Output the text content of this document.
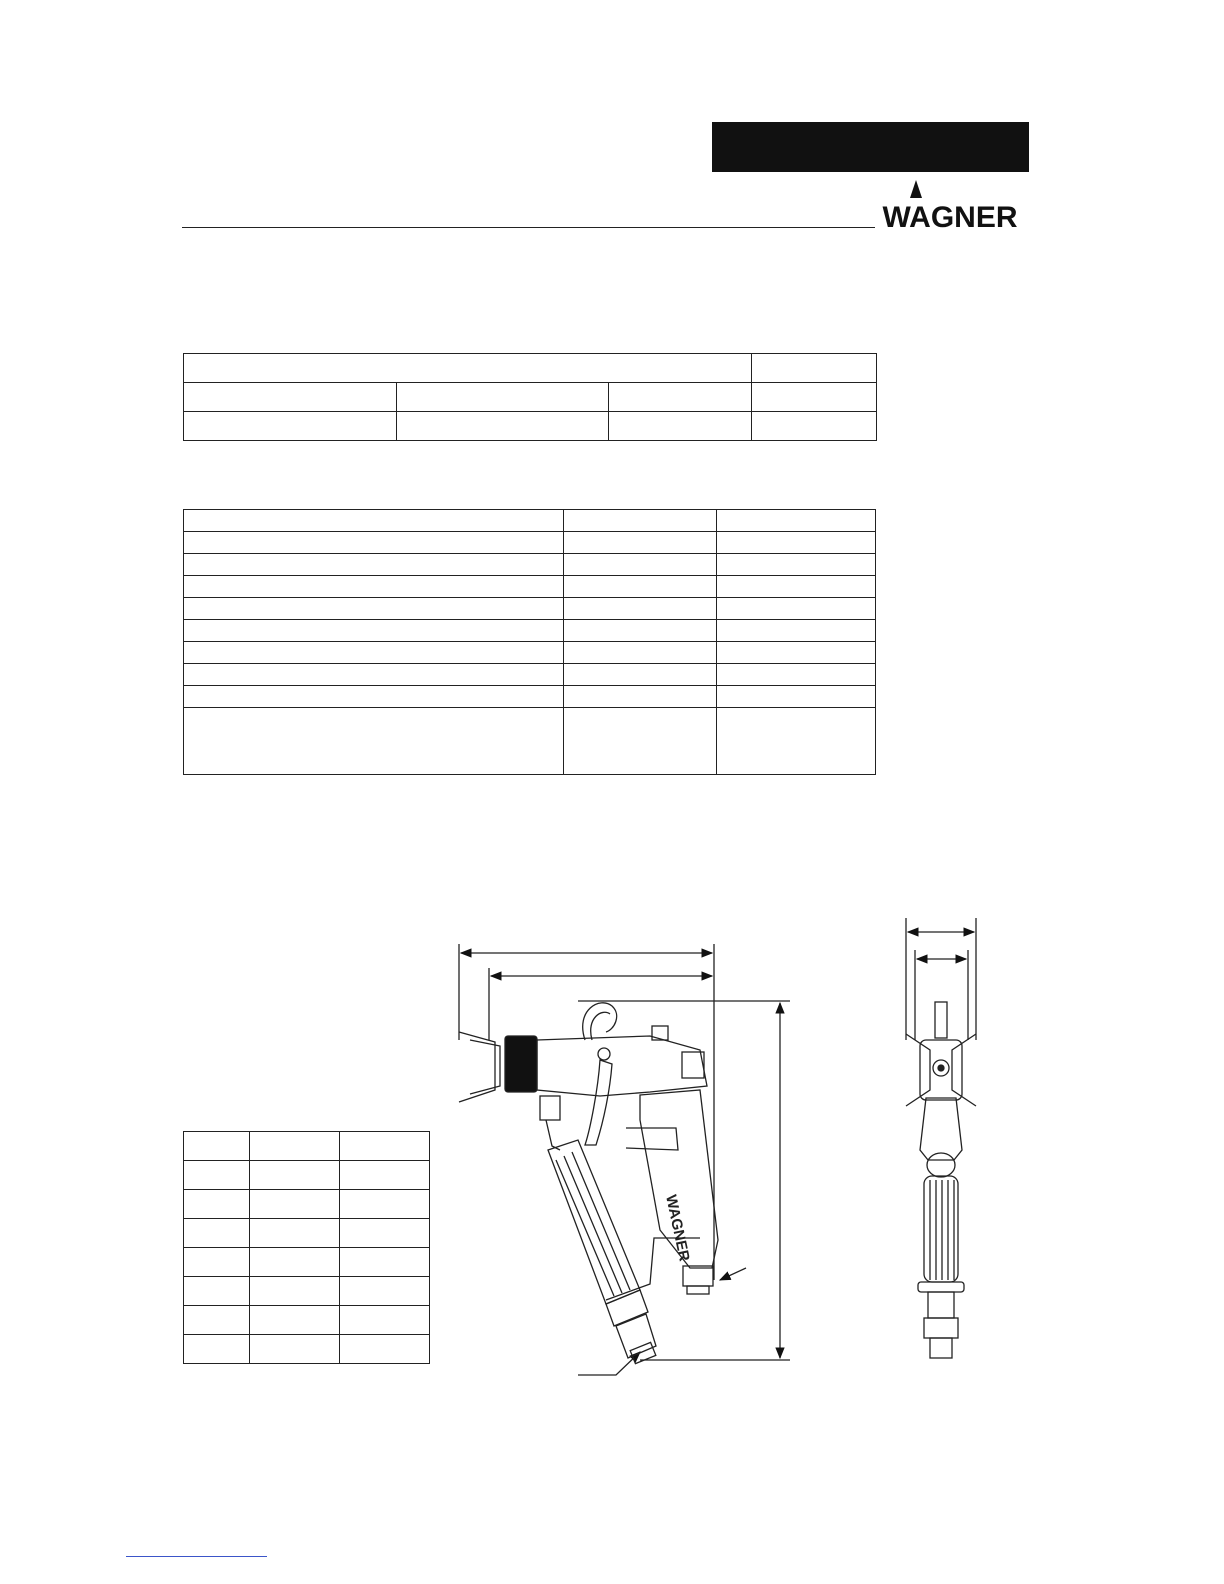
WAGNER

WAGNER
